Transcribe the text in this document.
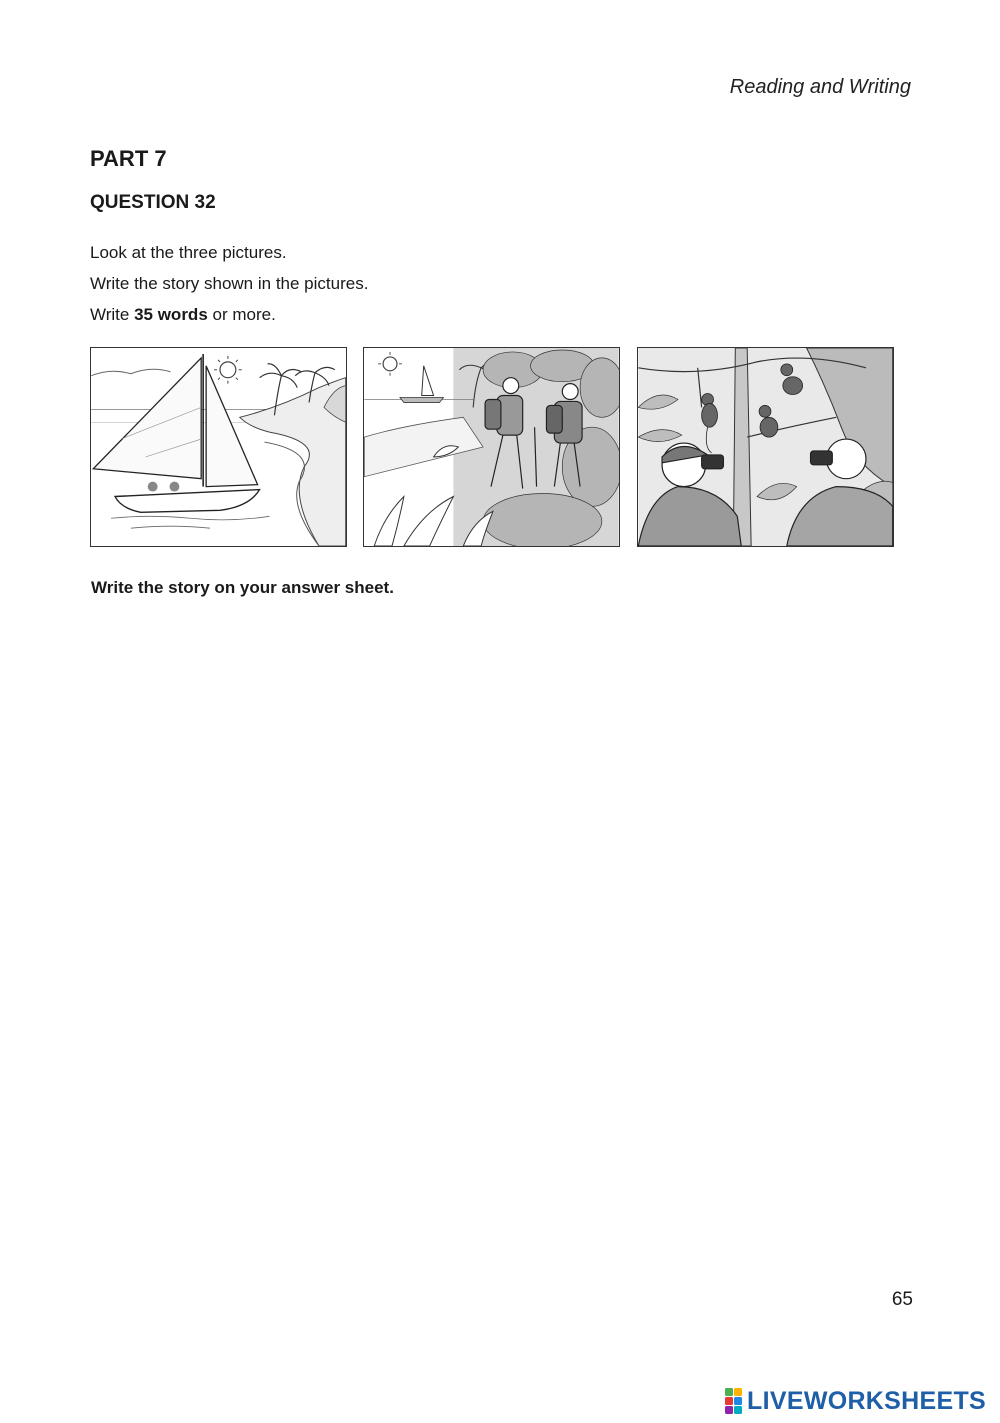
Reading and Writing
PART 7
QUESTION 32
Look at the three pictures.
Write the story shown in the pictures.
Write 35 words or more.
Write the story on your answer sheet.
65
LIVEWORKSHEETS
